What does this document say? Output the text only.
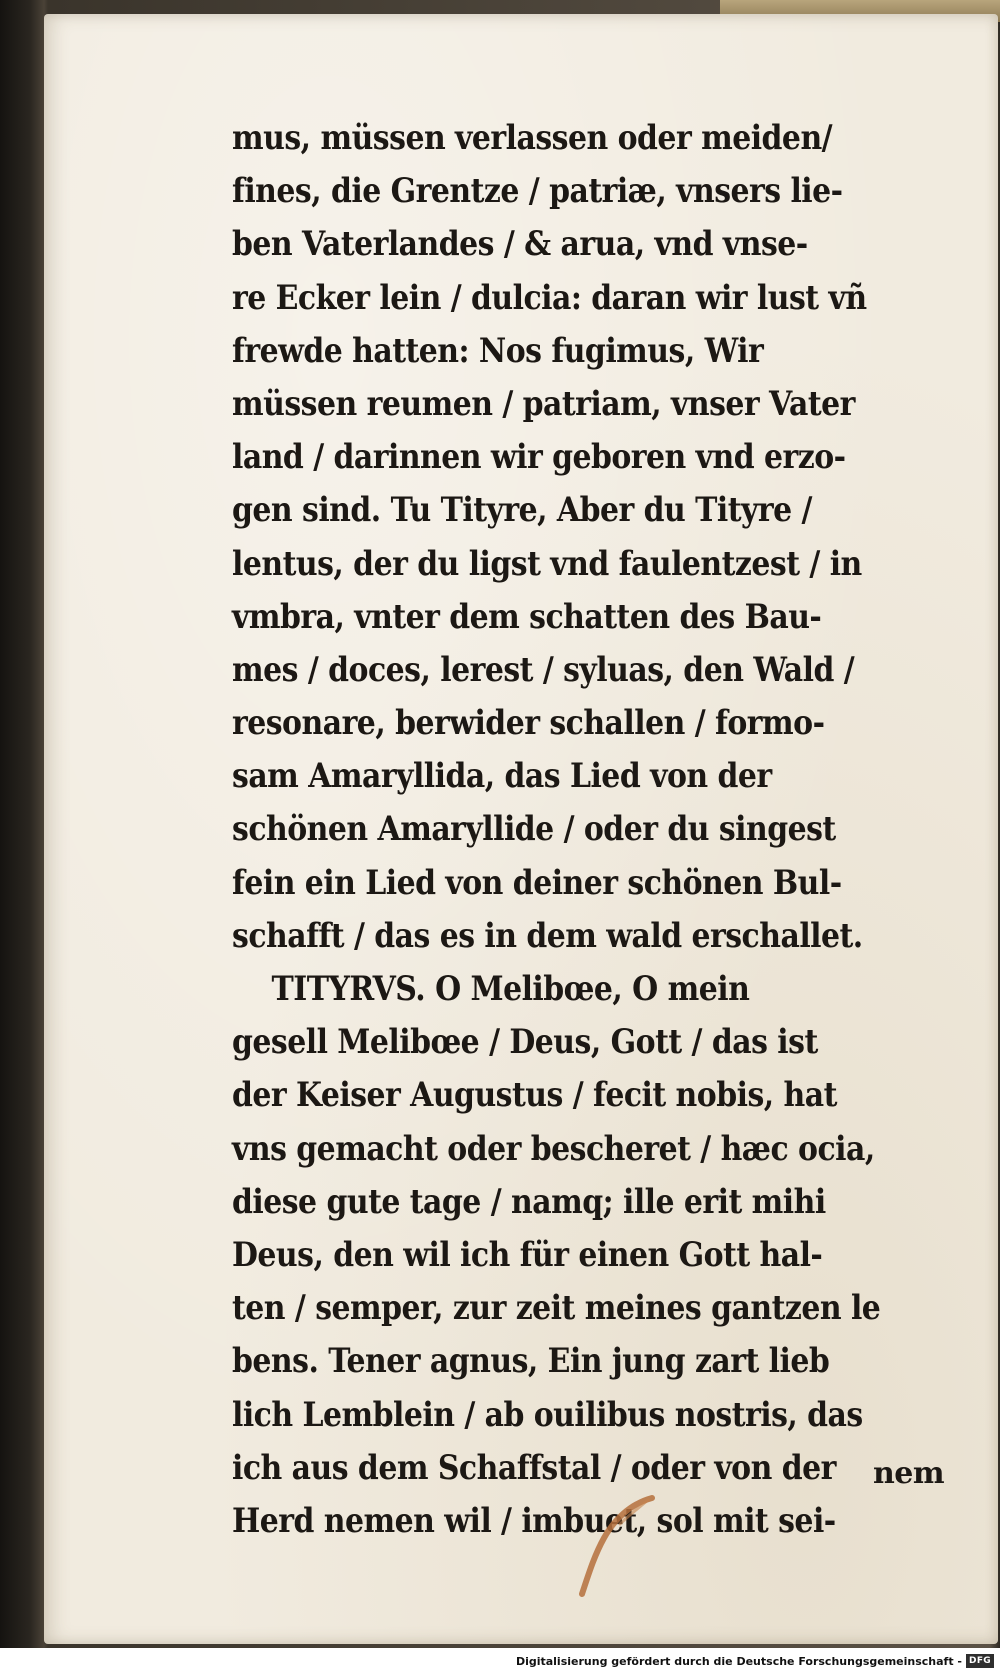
mus, müssen verlassen oder meiden/
fines, die Grentze / patriæ, vnsers lie-
ben Vaterlandes / & arua, vnd vnse-
re Ecker lein / dulcia: daran wir lust vñ
frewde hatten: Nos fugimus, Wir
müssen reumen / patriam, vnser Vater
land / darinnen wir geboren vnd erzo-
gen sind. Tu Tityre, Aber du Tityre /
lentus, der du ligst vnd faulentzest / in
vmbra, vnter dem schatten des Bau-
mes / doces, lerest / syluas, den Wald /
resonare, berwider schallen / formo-
sam Amaryllida, das Lied von der
schönen Amaryllide / oder du singest
fein ein Lied von deiner schönen Bul-
schafft / das es in dem wald erschallet.
TITYRVS. O Melibœe, O mein
gesell Melibœe / Deus, Gott / das ist
der Keiser Augustus / fecit nobis, hat
vns gemacht oder bescheret / hæc ocia,
diese gute tage / namq; ille erit mihi
Deus, den wil ich für einen Gott hal-
ten / semper, zur zeit meines gantzen le
bens. Tener agnus, Ein jung zart lieb
lich Lemblein / ab ouilibus nostris, das
ich aus dem Schaffstal / oder von der
Herd nemen wil / imbuet, sol mit sei-
nem
Digitalisierung gefördert durch die Deutsche Forschungsgemeinschaft - DFG
